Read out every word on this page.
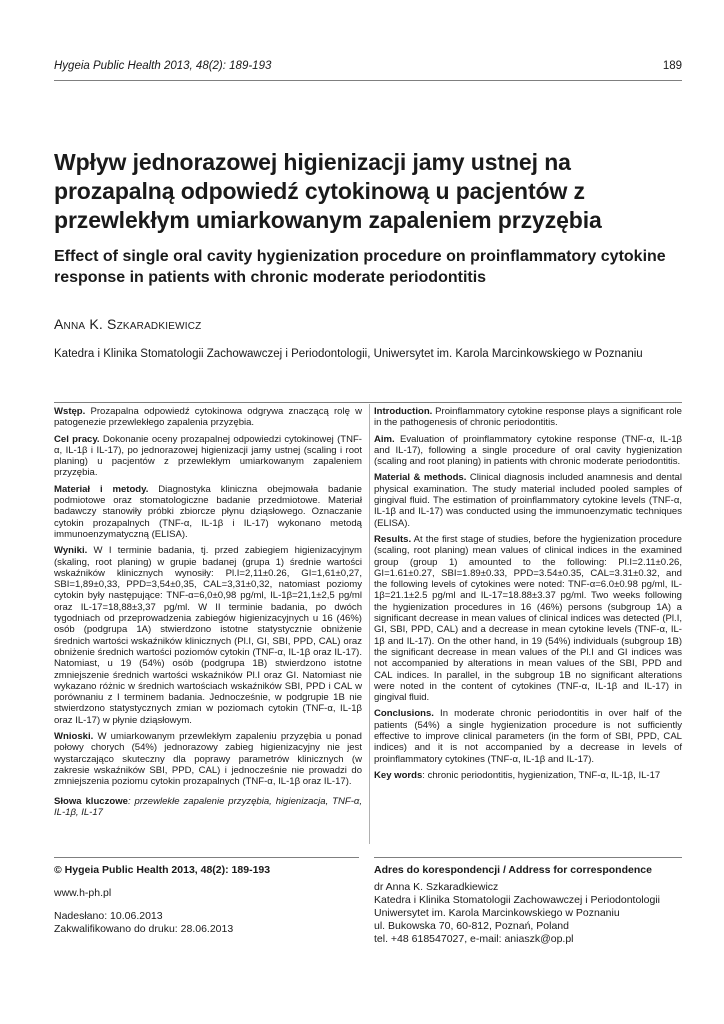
Hygeia Public Health 2013, 48(2): 189-193	189
Wpływ jednorazowej higienizacji jamy ustnej na prozapalną odpowiedź cytokinową u pacjentów z przewlekłym umiarkowanym zapaleniem przyzębia
Effect of single oral cavity hygienization procedure on proinflammatory cytokine response in patients with chronic moderate periodontitis
Anna K. Szkaradkiewicz
Katedra i Klinika Stomatologii Zachowawczej i Periodontologii, Uniwersytet im. Karola Marcinkowskiego w Poznaniu

Wstęp. Prozapalna odpowiedź cytokinowa odgrywa znaczącą rolę w patogenezie przewlekłego zapalenia przyzębia.

Cel pracy. Dokonanie oceny prozapalnej odpowiedzi cytokinowej (TNF-α, IL-1β i IL-17), po jednorazowej higienizacji jamy ustnej (scaling i root planing) u pacjentów z przewlekłym umiarkowanym zapaleniem przyzębia.

Materiał i metody. Diagnostyka kliniczna obejmowała badanie podmiotowe oraz stomatologiczne badanie przedmiotowe. Materiał badawczy stanowiły próbki zbiorcze płynu dziąsłowego. Oznaczanie cytokin prozapalnych (TNF-α, IL-1β i IL-17) wykonano metodą immunoenzymatyczną (ELISA).

Wyniki. W I terminie badania, tj. przed zabiegiem higienizacyjnym (skaling, root planing) w grupie badanej (grupa 1) średnie wartości wskaźników klinicznych wynosiły: Pl.I=2,11±0.26, GI=1,61±0,27, SBI=1,89±0,33, PPD=3,54±0,35, CAL=3,31±0,32, natomiast poziomy cytokin były następujące: TNF-α=6,0±0,98 pg/ml, IL-1β=21,1±2,5 pg/ml oraz IL-17=18,88±3,37 pg/ml. W II terminie badania, po dwóch tygodniach od przeprowadzenia zabiegów higienizacyjnych u 16 (46%) osób (podgrupa 1A) stwierdzono istotne statystycznie obniżenie średnich wartości wskaźników klinicznych (Pl.I, GI, SBI, PPD, CAL) oraz obniżenie średnich wartości poziomów cytokin (TNF-α, IL-1β oraz IL-17). Natomiast, u 19 (54%) osób (podgrupa 1B) stwierdzono istotne zmniejszenie średnich wartości wskaźników Pl.I oraz GI. Natomiast nie wykazano różnic w średnich wartościach wskaźników SBI, PPD i CAL w porównaniu z I terminem badania. Jednocześnie, w podgrupie 1B nie stwierdzono statystycznych zmian w poziomach cytokin (TNF-α, IL-1β oraz IL-17) w płynie dziąsłowym.

Wnioski. W umiarkowanym przewlekłym zapaleniu przyzębia u ponad połowy chorych (54%) jednorazowy zabieg higienizacyjny nie jest wystarczająco skuteczny dla poprawy parametrów klinicznych (w zakresie wskaźników SBI, PPD, CAL) i jednocześnie nie prowadzi do zmniejszenia poziomu cytokin prozapalnych (TNF-α, IL-1β oraz IL-17).

Słowa kluczowe: przewlekłe zapalenie przyzębia, higienizacja, TNF-α, IL-1β, IL-17

Introduction. Proinflammatory cytokine response plays a significant role in the pathogenesis of chronic periodontitis.

Aim. Evaluation of proinflammatory cytokine response (TNF-α, IL-1β and IL-17), following a single procedure of oral cavity hygienization (scaling and root planing) in patients with chronic moderate periodontitis.

Material & methods. Clinical diagnosis included anamnesis and dental physical examination. The study material included pooled samples of gingival fluid. The estimation of proinflammatory cytokine levels (TNF-α, IL-1β and IL-17) was conducted using the immunoenzymatic techniques (ELISA).

Results. At the first stage of studies, before the hygienization procedure (scaling, root planing) mean values of clinical indices in the examined group (group 1) amounted to the following: Pl.I=2.11±0.26, GI=1.61±0.27, SBI=1.89±0.33, PPD=3.54±0.35, CAL=3.31±0.32, and the following levels of cytokines were noted: TNF-α=6.0±0.98 pg/ml, IL-1β=21.1±2.5 pg/ml and IL-17=18.88±3.37 pg/ml. Two weeks following the hygienization procedures in 16 (46%) persons (subgroup 1A) a significant decrease in mean values of clinical indices was detected (Pl.I, GI, SBI, PPD, CAL) and a decrease in mean cytokine levels (TNF-α, IL-1β and IL-17). On the other hand, in 19 (54%) individuals (subgroup 1B) the significant decrease in mean values of the Pl.I and GI indices was not accompanied by alterations in mean values of the SBI, PPD and CAL indices. In parallel, in the subgroup 1B no significant alterations were noted in the content of cytokines (TNF-α, IL-1β and IL-17) in gingival fluid.

Conclusions. In moderate chronic periodontitis in over half of the patients (54%) a single hygienization procedure is not sufficiently effective to improve clinical parameters (in the form of SBI, PPD, CAL indices) and it is not accompanied by a decrease in levels of proinflammatory cytokines (TNF-α, IL-1β and IL-17).

Key words: chronic periodontitis, hygienization, TNF-α, IL-1β, IL-17

© Hygeia Public Health 2013, 48(2): 189-193
www.h-ph.pl
Nadesłano: 10.06.2013
Zakwalifikowano do druku: 28.06.2013
Adres do korespondencji / Address for correspondence
dr Anna K. Szkaradkiewicz
Katedra i Klinika Stomatologii Zachowawczej i Periodontologii
Uniwersytet im. Karola Marcinkowskiego w Poznaniu
ul. Bukowska 70, 60-812, Poznań, Poland
tel. +48 618547027, e-mail: aniaszk@op.pl
